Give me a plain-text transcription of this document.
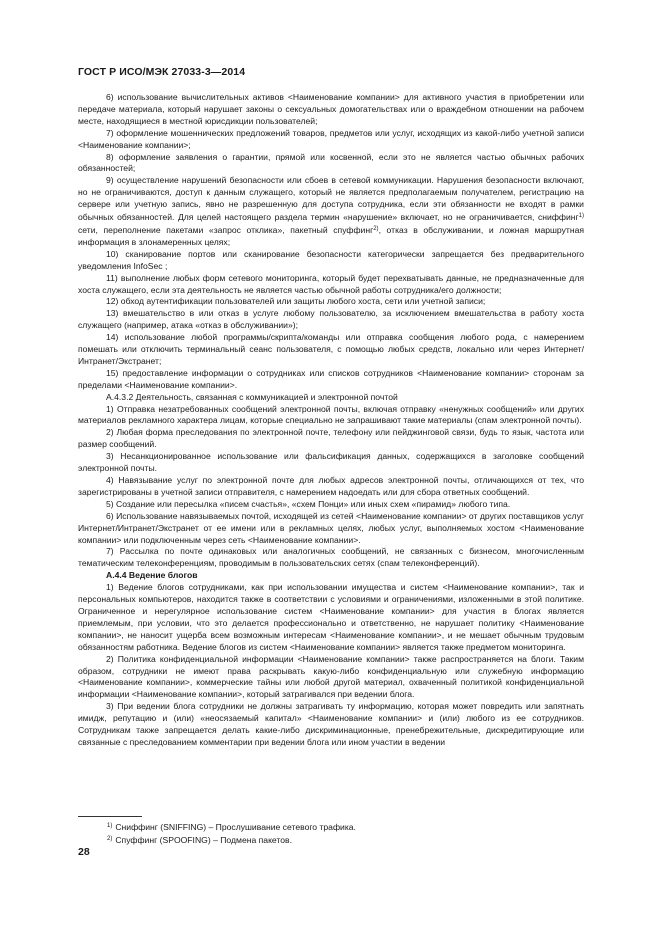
ГОСТ Р ИСО/МЭК 27033-3—2014

6) использование вычислительных активов <Наименование компании> для активного участия в приобретении или передаче материала, который нарушает законы о сексуальных домогательствах или о враждебном отношении на рабочем месте, находящиеся в местной юрисдикции пользователей;

7) оформление мошеннических предложений товаров, предметов или услуг, исходящих из какой-либо учетной записи <Наименование компании>;

8) оформление заявления о гарантии, прямой или косвенной, если это не является частью обычных рабочих обязанностей;

9) осуществление нарушений безопасности или сбоев в сетевой коммуникации. Нарушения безопасности включают, но не ограничиваются, доступ к данным служащего, который не является предполагаемым получателем, регистрацию на сервере или учетную запись, явно не разрешенную для доступа сотрудника, если эти обязанности не входят в рамки обычных обязанностей. Для целей настоящего раздела термин «нарушение» включает, но не ограничивается, сниффинг$^{1)}$ сети, переполнение пакетами «запрос отклика», пакетный спуффинг$^{2)}$, отказ в обслуживании, и ложная маршрутная информация в злонамеренных целях;

10) сканирование портов или сканирование безопасности категорически запрещается без предварительного уведомления InfoSec ;

11) выполнение любых форм сетевого мониторинга, который будет перехватывать данные, не предназначенные для хоста служащего, если эта деятельность не является частью обычной работы сотрудника/его должности;

12) обход аутентификации пользователей или защиты любого хоста, сети или учетной записи;

13) вмешательство в или отказ в услуге любому пользователю, за исключением вмешательства в работу хоста служащего (например, атака «отказ в обслуживании»);

14) использование любой программы/скрипта/команды или отправка сообщения любого рода, с намерением помешать или отключить терминальный сеанс пользователя, с помощью любых средств, локально или через Интернет/Интранет/Экстранет;

15) предоставление информации о сотрудниках или списков сотрудников <Наименование компании> сторонам за пределами <Наименование компании>.

А.4.3.2 Деятельность, связанная с коммуникацией и электронной почтой

1) Отправка незатребованных сообщений электронной почты, включая отправку «ненужных сообщений» или других материалов рекламного характера лицам, которые специально не запрашивают такие материалы (спам электронной почты).

2) Любая форма преследования по электронной почте, телефону или пейджинговой связи, будь то язык, частота или размер сообщений.

3) Несанкционированное использование или фальсификация данных, содержащихся в заголовке сообщений электронной почты.

4) Навязывание услуг по электронной почте для любых адресов электронной почты, отличающихся от тех, что зарегистрированы в учетной записи отправителя, с намерением надоедать или для сбора ответных сообщений.

5) Создание или пересылка «писем счастья», «схем Понци» или иных схем «пирамид» любого типа.

6) Использование навязываемых почтой, исходящей из сетей <Наименование компании> от других поставщиков услуг Интернет/Интранет/Экстранет от ее имени или в рекламных целях, любых услуг, выполняемых хостом <Наименование компании> или подключенным через сеть <Наименование компании>.

7) Рассылка по почте одинаковых или аналогичных сообщений, не связанных с бизнесом, многочисленным тематическим телеконференциям, проводимым в пользовательских сетях (спам телеконференций).

А.4.4 Ведение блогов

1) Ведение блогов сотрудниками, как при использовании имущества и систем <Наименование компании>, так и персональных компьютеров, находится также в соответствии с условиями и ограничениями, изложенными в этой политике. Ограниченное и нерегулярное использование систем <Наименование компании> для участия в блогах является приемлемым, при условии, что это делается профессионально и ответственно, не нарушает политику <Наименование компании>, не наносит ущерба всем возможным интересам <Наименование компании>, и не мешает обычным трудовым обязанностям работника. Ведение блогов из систем <Наименование компании> является также предметом мониторинга.

2) Политика конфиденциальной информации <Наименование компании> также распространяется на блоги. Таким образом, сотрудники не имеют права раскрывать какую-либо конфиденциальную или служебную информацию <Наименование компании>, коммерческие тайны или любой другой материал, охваченный политикой конфиденциальной информации <Наименование компании>, который затрагивался при ведении блога.

3) При ведении блога сотрудники не должны затрагивать ту информацию, которая может повредить или запятнать имидж, репутацию и (или) «неосязаемый капитал» <Наименование компании> и (или) любого из ее сотрудников. Сотрудникам также запрещается делать какие-либо дискриминационные, пренебрежительные, дискредитирующие или связанные с преследованием комментарии при ведении блога или ином участии в ведении

$^{1)}$ Сниффинг (SNIFFING) – Прослушивание сетевого трафика.
$^{2)}$ Спуффинг (SPOOFING) – Подмена пакетов.
28
